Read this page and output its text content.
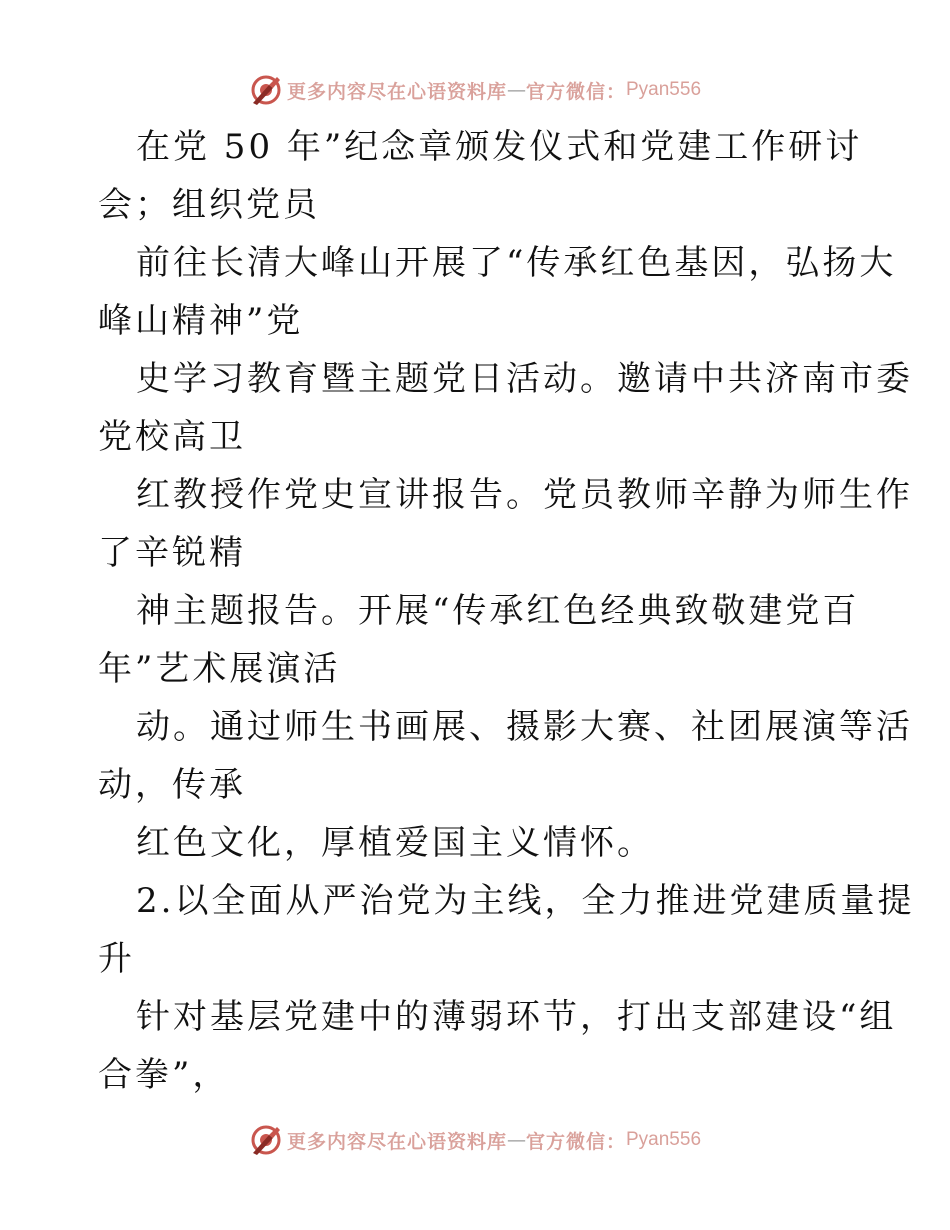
更多内容尽在心语资料库 — 官方微信： Pyan556
在党 50 年”纪念章颁发仪式和党建工作研讨
会；组织党员
前往长清大峰山开展了“传承红色基因，弘扬大
峰山精神”党
史学习教育暨主题党日活动。邀请中共济南市委
党校高卫
红教授作党史宣讲报告。党员教师辛静为师生作
了辛锐精
神主题报告。开展“传承红色经典致敬建党百
年”艺术展演活
动。通过师生书画展、摄影大赛、社团展演等活
动，传承
红色文化，厚植爱国主义情怀。
2.以全面从严治党为主线，全力推进党建质量提
升
针对基层党建中的薄弱环节，打出支部建设“组
合拳”，
更多内容尽在心语资料库 — 官方微信： Pyan556
